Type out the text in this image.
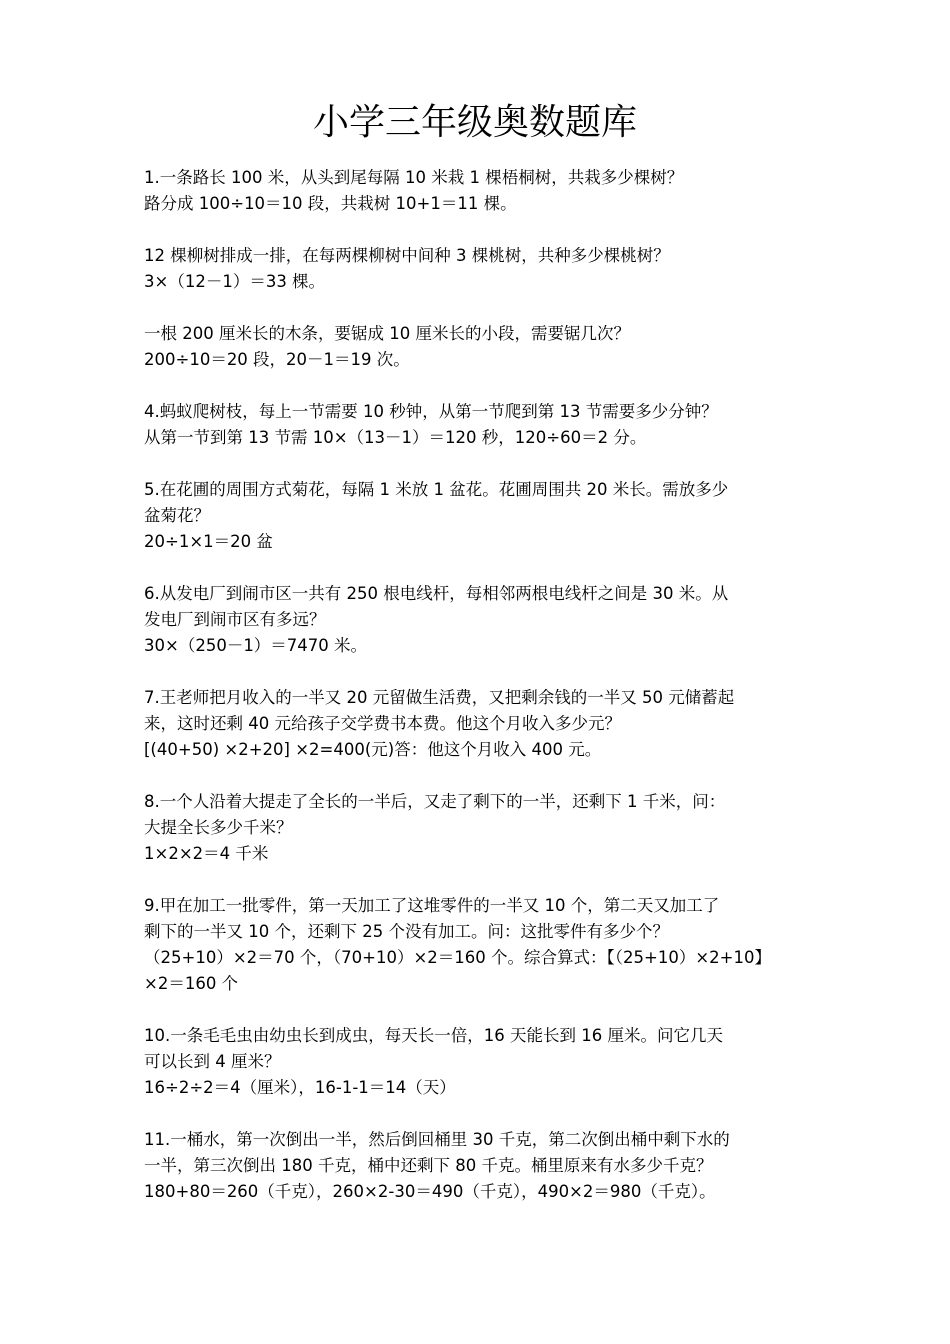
小学三年级奥数题库
1.一条路长 100 米，从头到尾每隔 10 米栽 1 棵梧桐树，共栽多少棵树？
路分成 100÷10＝10 段，共栽树 10+1＝11 棵。
12 棵柳树排成一排，在每两棵柳树中间种 3 棵桃树，共种多少棵桃树？
3×（12－1）＝33 棵。
一根 200 厘米长的木条，要锯成 10 厘米长的小段，需要锯几次？
200÷10＝20 段，20－1＝19 次。
4.蚂蚁爬树枝，每上一节需要 10 秒钟，从第一节爬到第 13 节需要多少分钟？
从第一节到第 13 节需 10×（13－1）＝120 秒，120÷60＝2 分。
5.在花圃的周围方式菊花，每隔 1 米放 1 盆花。花圃周围共 20 米长。需放多少
盆菊花？
20÷1×1＝20 盆
6.从发电厂到闹市区一共有 250 根电线杆，每相邻两根电线杆之间是 30 米。从
发电厂到闹市区有多远？
30×（250－1）＝7470 米。
7.王老师把月收入的一半又 20 元留做生活费，又把剩余钱的一半又 50 元储蓄起
来，这时还剩 40 元给孩子交学费书本费。他这个月收入多少元？
[(40+50) ×2+20] ×2=400(元)答：他这个月收入 400 元。
8.一个人沿着大提走了全长的一半后，又走了剩下的一半，还剩下 1 千米，问：
大提全长多少千米？
1×2×2＝4 千米
9.甲在加工一批零件，第一天加工了这堆零件的一半又 10 个，第二天又加工了
剩下的一半又 10 个，还剩下 25 个没有加工。问：这批零件有多少个？
（25+10）×2＝70 个，（70+10）×2＝160 个。综合算式：【（25+10）×2+10】
×2＝160 个
10.一条毛毛虫由幼虫长到成虫，每天长一倍，16 天能长到 16 厘米。问它几天
可以长到 4 厘米？
16÷2÷2＝4（厘米），16-1-1＝14（天）
11.一桶水，第一次倒出一半，然后倒回桶里 30 千克，第二次倒出桶中剩下水的
一半，第三次倒出 180 千克，桶中还剩下 80 千克。桶里原来有水多少千克？
180+80＝260（千克），260×2-30＝490（千克），490×2＝980（千克）。
